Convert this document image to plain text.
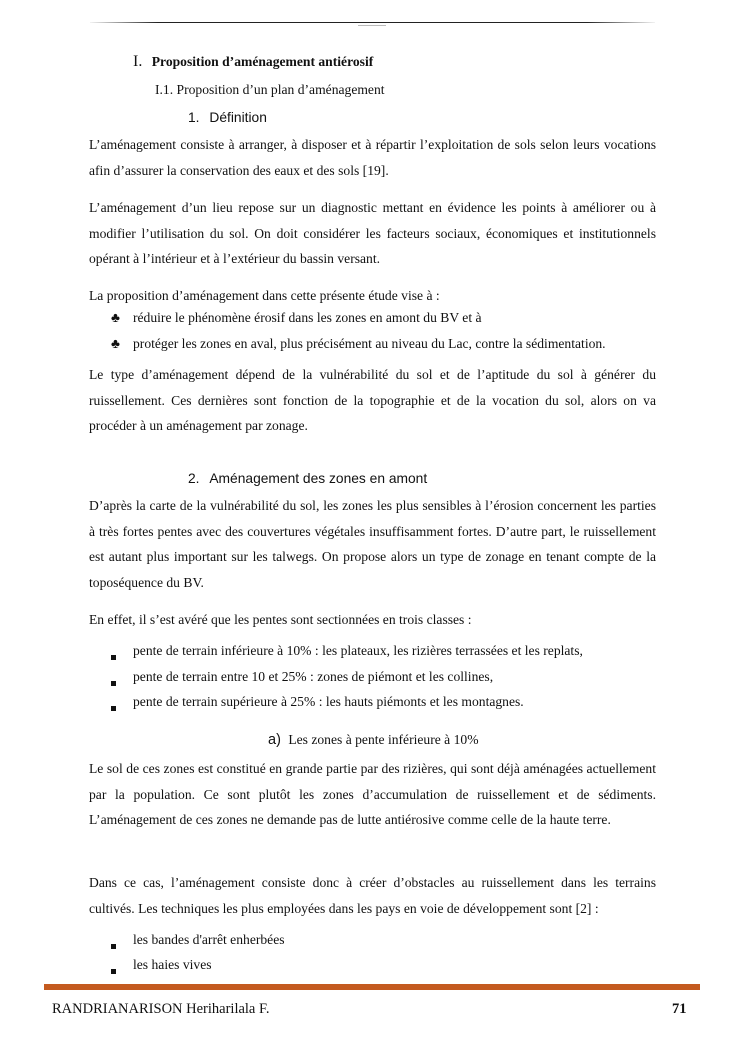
I. Proposition d’aménagement antiérosif
I.1. Proposition d’un plan d’aménagement
1. Définition
L’aménagement consiste à arranger, à disposer et à répartir l’exploitation de sols selon leurs vocations afin d’assurer la conservation des eaux et des sols [19].
L’aménagement d’un lieu repose sur un diagnostic mettant en évidence les points à améliorer ou à modifier l’utilisation du sol. On doit considérer les facteurs sociaux, économiques et institutionnels opérant à l’intérieur et à l’extérieur du bassin versant.
La proposition d’aménagement dans cette présente étude vise à :
♣ réduire le phénomène érosif dans les zones en amont du BV et à
♣ protéger les zones en aval, plus précisément au niveau du Lac, contre la sédimentation.
Le type d’aménagement dépend de la vulnérabilité du sol et de l’aptitude du sol à générer du ruissellement. Ces dernières sont fonction de la topographie et de la vocation du sol, alors on va procéder à un aménagement par zonage.
2. Aménagement des zones en amont
D’après la carte de la vulnérabilité du sol, les zones les plus sensibles à l’érosion concernent les parties à très fortes pentes avec des couvertures végétales insuffisamment fortes. D’autre part, le ruissellement est autant plus important sur les talwegs. On propose alors un type de zonage en tenant compte de la toposéquence du BV.
En effet, il s’est avéré que les pentes sont sectionnées en trois classes :
pente de terrain inférieure à 10% : les plateaux, les rizières terrassées et les replats,
pente de terrain entre 10 et 25% : zones de piémont et les collines,
pente de terrain supérieure à 25% : les hauts piémonts et les montagnes.
a) Les zones à pente inférieure à 10%
Le sol de ces zones est constitué en grande partie par des rizières, qui sont déjà aménagées actuellement par la population. Ce sont plutôt les zones d’accumulation de ruissellement et de sédiments. L’aménagement de ces zones ne demande pas de lutte antiérosive comme celle de la haute terre.
Dans ce cas, l’aménagement consiste donc à créer d’obstacles au ruissellement dans les terrains cultivés. Les techniques les plus employées dans les pays en voie de développement sont [2] :
les bandes d'arrêt enherbées
les haies vives
RANDRIANARISON Heriharilala F.	71
